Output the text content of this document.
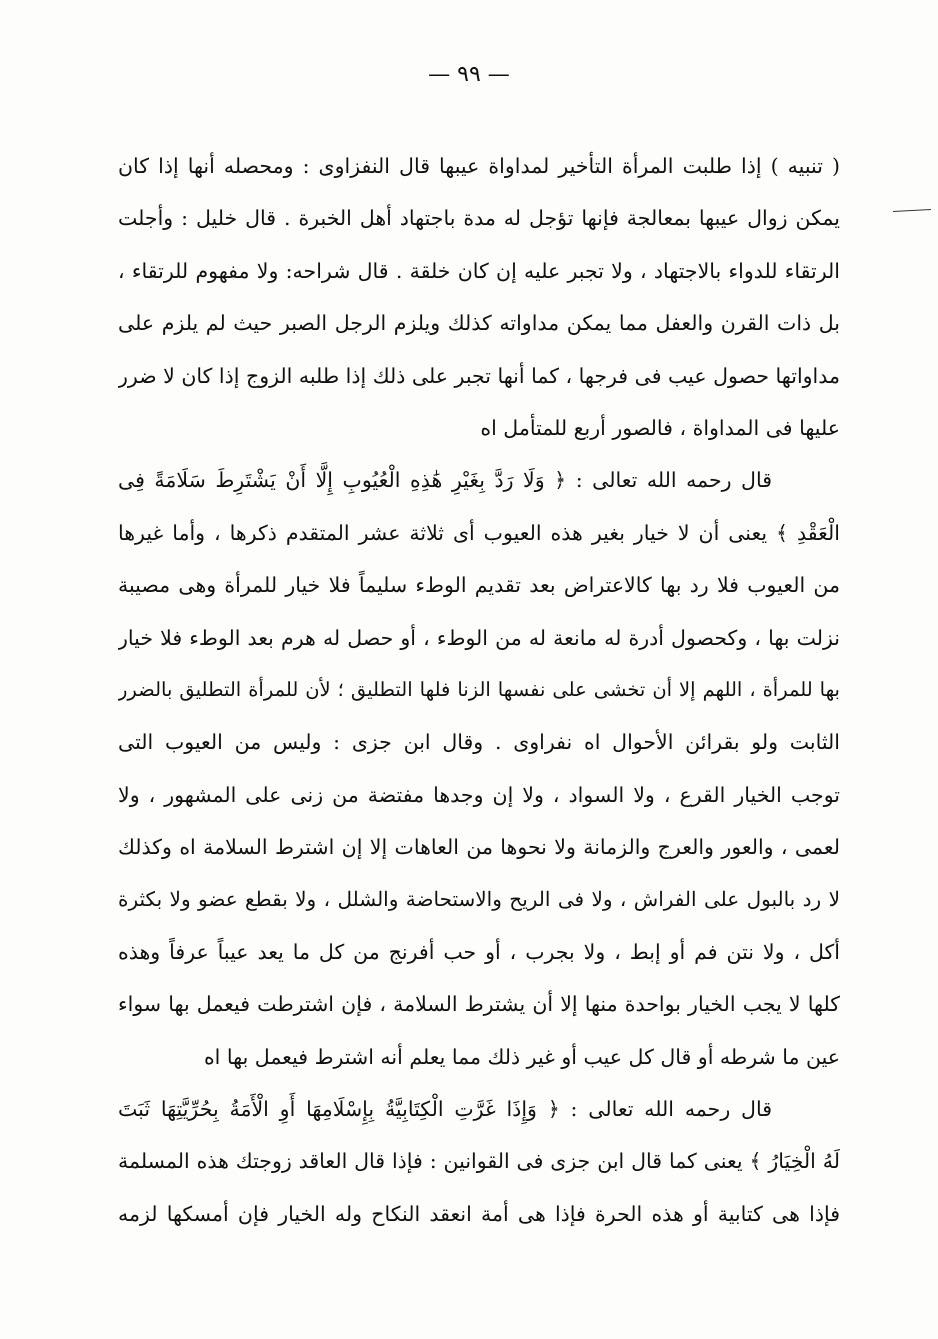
— ٩٩ —
( تنبيه ) إذا طلبت المرأة التأخير لمداواة عيبها قال النفزاوى : ومحصله أنها إذا كان
يمكن زوال عيبها بمعالجة فإنها تؤجل له مدة باجتهاد أهل الخبرة . قال خليل : وأجلت
الرتقاء للدواء بالاجتهاد ، ولا تجبر عليه إن كان خلقة . قال شراحه: ولا مفهوم للرتقاء ،
بل ذات القرن والعفل مما يمكن مداواته كذلك ويلزم الرجل الصبر حيث لم يلزم على
مداواتها حصول عيب فى فرجها ، كما أنها تجبر على ذلك إذا طلبه الزوج إذا كان لا ضرر
عليها فى المداواة ، فالصور أربع للمتأمل اه
قال رحمه الله تعالى : ﴿ وَلَا رَدَّ بِغَيْرِ هَٰذِهِ الْعُيُوبِ إِلَّا أَنْ يَشْتَرِطَ سَلَامَةً فِى
الْعَقْدِ ﴾ يعنى أن لا خيار بغير هذه العيوب أى ثلاثة عشر المتقدم ذكرها ، وأما غيرها
من العيوب فلا رد بها كالاعتراض بعد تقديم الوطء سليماً فلا خيار للمرأة وهى مصيبة
نزلت بها ، وكحصول أدرة له مانعة له من الوطء ، أو حصل له هرم بعد الوطء فلا خيار
بها للمرأة ، اللهم إلا أن تخشى على نفسها الزنا فلها التطليق ؛ لأن للمرأة التطليق بالضرر
الثابت ولو بقرائن الأحوال اه نفراوى . وقال ابن جزى : وليس من العيوب التى
توجب الخيار القرع ، ولا السواد ، ولا إن وجدها مفتضة من زنى على المشهور ، ولا
لعمى ، والعور والعرج والزمانة ولا نحوها من العاهات إلا إن اشترط السلامة اه وكذلك
لا رد بالبول على الفراش ، ولا فى الريح والاستحاضة والشلل ، ولا بقطع عضو ولا بكثرة
أكل ، ولا نتن فم أو إبط ، ولا بجرب ، أو حب أفرنج من كل ما يعد عيباً عرفاً وهذه
كلها لا يجب الخيار بواحدة منها إلا أن يشترط السلامة ، فإن اشترطت فيعمل بها سواء
عين ما شرطه أو قال كل عيب أو غير ذلك مما يعلم أنه اشترط فيعمل بها اه
قال رحمه الله تعالى : ﴿ وَإِذَا غَرَّتِ الْكِتَابِيَّةُ بِإِسْلَامِهَا أَوِ الْأَمَةُ بِحُرِّيَّتِهَا ثَبَتَ
لَهُ الْخِيَارُ ﴾ يعنى كما قال ابن جزى فى القوانين : فإذا قال العاقد زوجتك هذه المسلمة
فإذا هى كتابية أو هذه الحرة فإذا هى أمة انعقد النكاح وله الخيار فإن أمسكها لزمه
